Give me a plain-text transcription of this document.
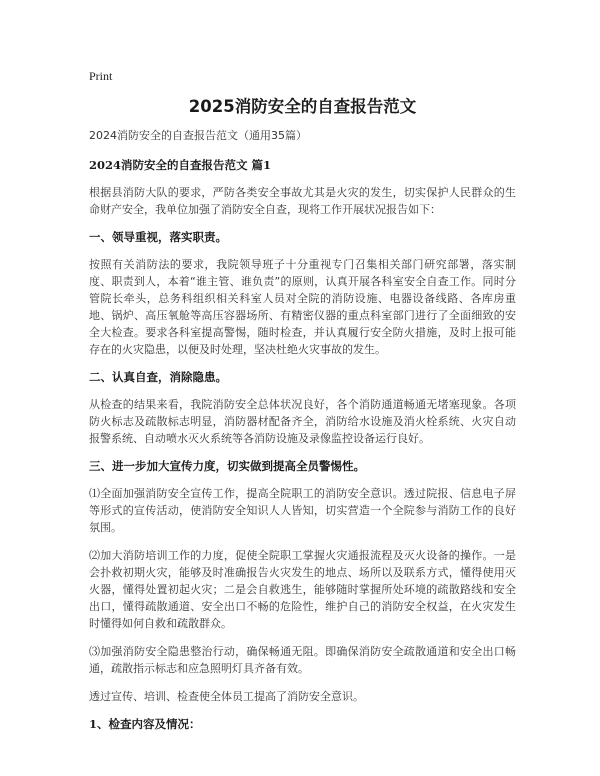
Print
2025消防安全的自查报告范文
2024消防安全的自查报告范文（通用35篇）
2024消防安全的自查报告范文 篇1
根据县消防大队的要求，严防各类安全事故尤其是火灾的发生，切实保护人民群众的生命财产安全，我单位加强了消防安全自查，现将工作开展状况报告如下：
一、领导重视，落实职责。
按照有关消防法的要求，我院领导班子十分重视专门召集相关部门研究部署，落实制度、职责到人，本着“谁主管、谁负责”的原则，认真开展各科室安全自查工作。同时分管院长牵头，总务科组织相关科室人员对全院的消防设施、电器设备线路、各库房重地、锅炉、高压氧舱等高压容器场所、有精密仪器的重点科室部门进行了全面细致的安全大检查。要求各科室提高警惕，随时检查，并认真履行安全防火措施，及时上报可能存在的火灾隐患，以便及时处理，坚决杜绝火灾事故的发生。
二、认真自查，消除隐患。
从检查的结果来看，我院消防安全总体状况良好，各个消防通道畅通无堵塞现象。各项防火标志及疏散标志明显，消防器材配备齐全，消防给水设施及消火栓系统、火灾自动报警系统、自动喷水灭火系统等各消防设施及录像监控设备运行良好。
三、进一步加大宣传力度，切实做到提高全员警惕性。
⑴全面加强消防安全宣传工作，提高全院职工的消防安全意识。透过院报、信息电子屏等形式的宣传活动，使消防安全知识人人皆知，切实营造一个全院参与消防工作的良好氛围。
⑵加大消防培训工作的力度，促使全院职工掌握火灾通报流程及灭火设备的操作。一是会扑救初期火灾，能够及时准确报告火灾发生的地点、场所以及联系方式，懂得使用灭火器，懂得处置初起火灾；二是会自救逃生，能够随时掌握所处环境的疏散路线和安全出口，懂得疏散通道、安全出口不畅的危险性，维护自己的消防安全权益，在火灾发生时懂得如何自救和疏散群众。
⑶加强消防安全隐患整治行动，确保畅通无阻。即确保消防安全疏散通道和安全出口畅通，疏散指示标志和应急照明灯具齐备有效。
透过宣传、培训、检查使全体员工提高了消防安全意识。
1、检查内容及情况：
